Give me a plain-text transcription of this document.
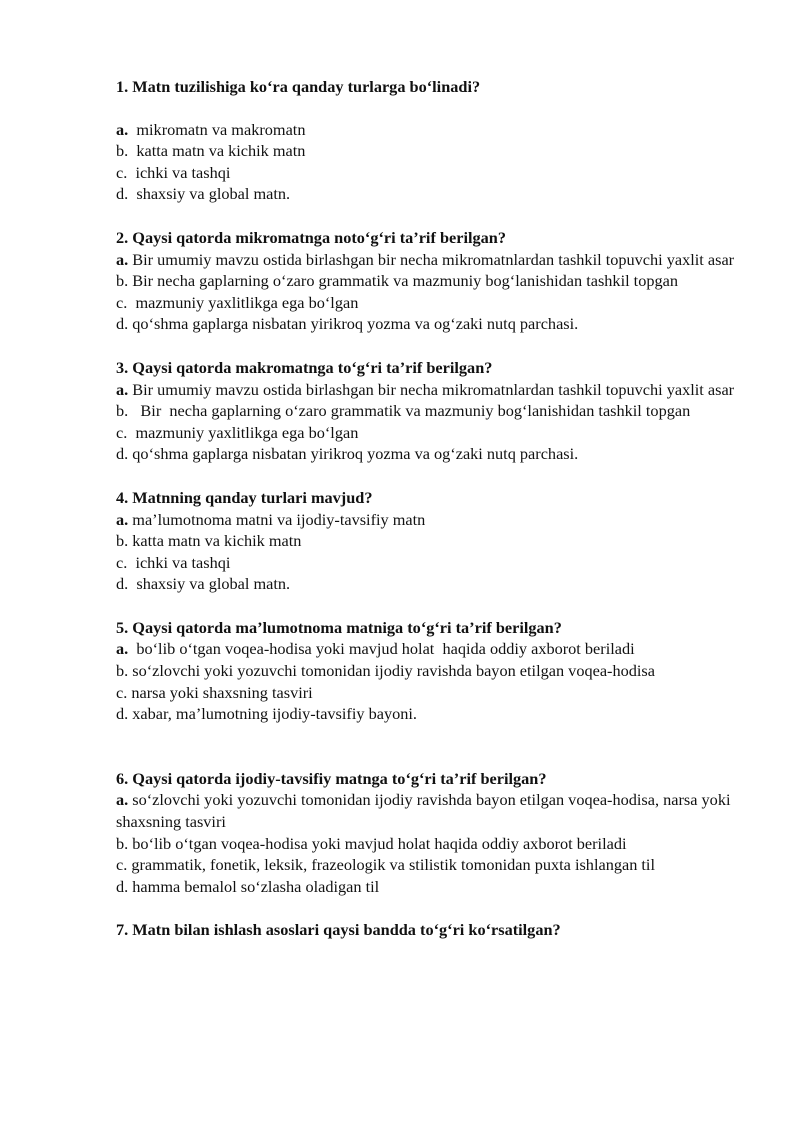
1. Matn tuzilishiga ko‘ra qanday turlarga bo‘linadi?

a.  mikromatn va makromatn

b.  katta matn va kichik matn

c.  ichki va tashqi

d.  shaxsiy va global matn.

2. Qaysi qatorda mikromatnga noto‘g‘ri ta’rif berilgan?

a. Bir umumiy mavzu ostida birlashgan bir necha mikromatnlardan tashkil topuvchi yaxlit asar

b. Bir necha gaplarning o‘zaro grammatik va mazmuniy bog‘lanishidan tashkil topgan

c.  mazmuniy yaxlitlikga ega bo‘lgan

d. qo‘shma gaplarga nisbatan yirikroq yozma va og‘zaki nutq parchasi.

3. Qaysi qatorda makromatnga to‘g‘ri ta’rif berilgan?

a. Bir umumiy mavzu ostida birlashgan bir necha mikromatnlardan tashkil topuvchi yaxlit asar

b.   Bir  necha gaplarning o‘zaro grammatik va mazmuniy bog‘lanishidan tashkil topgan

c.  mazmuniy yaxlitlikga ega bo‘lgan

d. qo‘shma gaplarga nisbatan yirikroq yozma va og‘zaki nutq parchasi.

4. Matnning qanday turlari mavjud?

a. ma’lumotnoma matni va ijodiy-tavsifiy matn

b. katta matn va kichik matn

c.  ichki va tashqi

d.  shaxsiy va global matn.

5. Qaysi qatorda ma’lumotnoma matniga to‘g‘ri ta’rif berilgan?

a.  bo‘lib o‘tgan voqea-hodisa yoki mavjud holat  haqida oddiy axborot beriladi

b. so‘zlovchi yoki yozuvchi tomonidan ijodiy ravishda bayon etilgan voqea-hodisa

c. narsa yoki shaxsning tasviri

d. xabar, ma’lumotning ijodiy-tavsifiy bayoni.

6. Qaysi qatorda ijodiy-tavsifiy matnga to‘g‘ri ta’rif berilgan?

a. so‘zlovchi yoki yozuvchi tomonidan ijodiy ravishda bayon etilgan voqea-hodisa, narsa yoki shaxsning tasviri

b. bo‘lib o‘tgan voqea-hodisa yoki mavjud holat haqida oddiy axborot beriladi

c. grammatik, fonetik, leksik, frazeologik va stilistik tomonidan puxta ishlangan til

d. hamma bemalol so‘zlasha oladigan til

7. Matn bilan ishlash asoslari qaysi bandda to‘g‘ri ko‘rsatilgan?
